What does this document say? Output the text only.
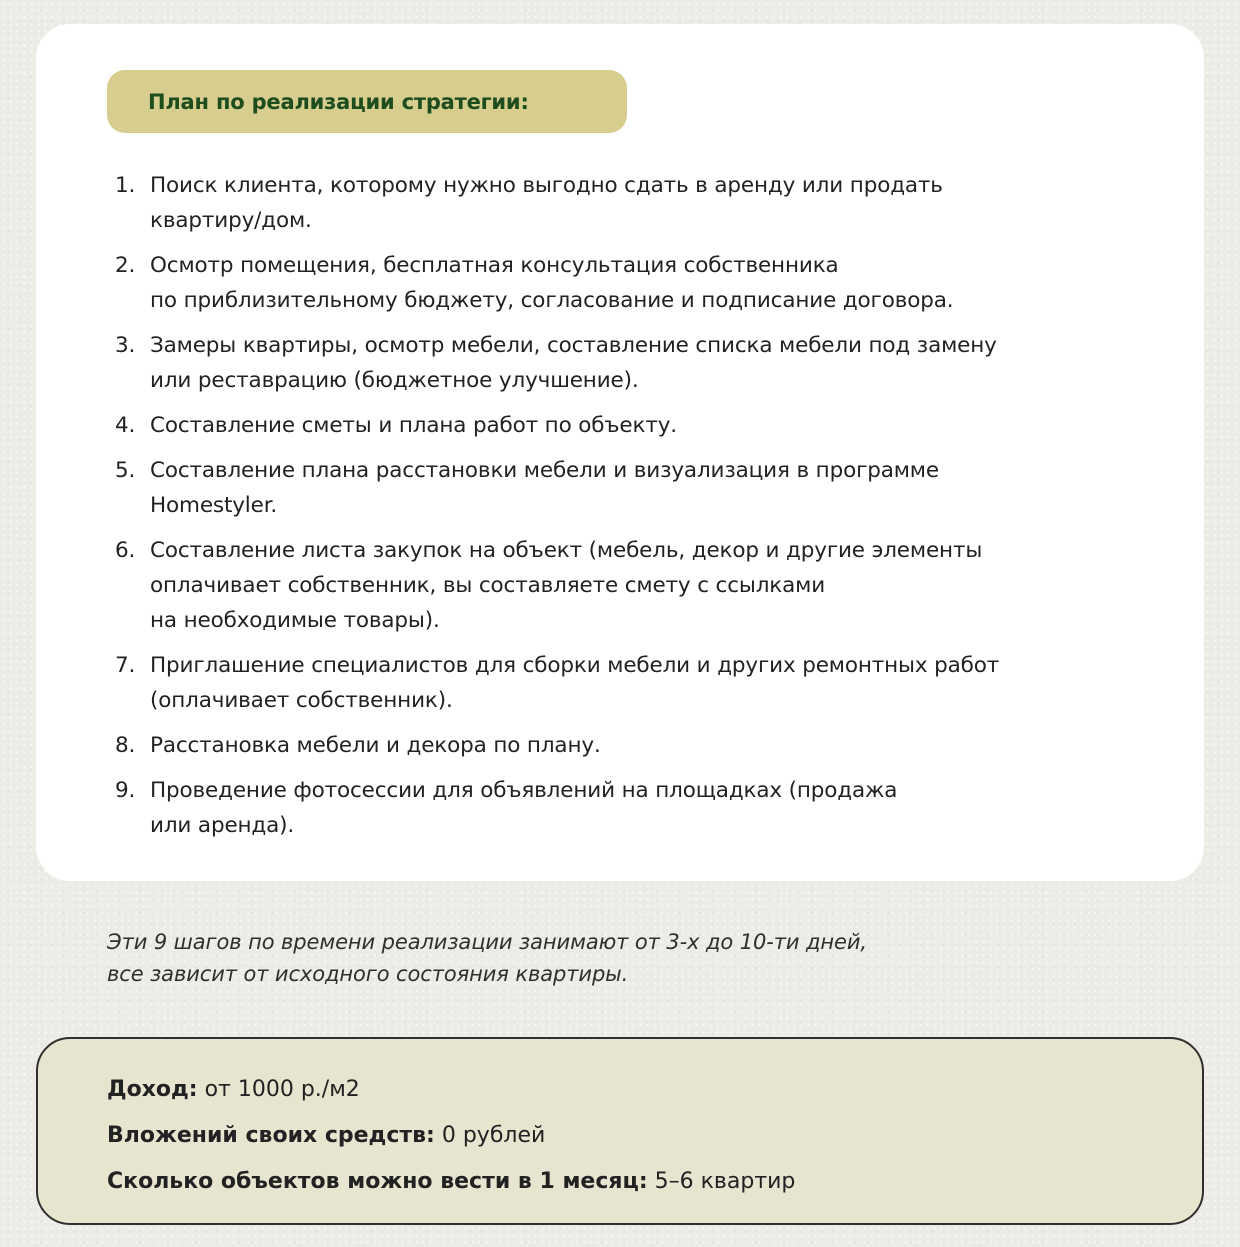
План по реализации стратегии:
1. Поиск клиента, которому нужно выгодно сдать в аренду или продать
квартиру/дом.
2. Осмотр помещения, бесплатная консультация собственника
по приблизительному бюджету, согласование и подписание договора.
3. Замеры квартиры, осмотр мебели, составление списка мебели под замену
или реставрацию (бюджетное улучшение).
4. Составление сметы и плана работ по объекту.
5. Составление плана расстановки мебели и визуализация в программе
Homestyler.
6. Составление листа закупок на объект (мебель, декор и другие элементы
оплачивает собственник, вы составляете смету с ссылками
на необходимые товары).
7. Приглашение специалистов для сборки мебели и других ремонтных работ
(оплачивает собственник).
8. Расстановка мебели и декора по плану.
9. Проведение фотосессии для объявлений на площадках (продажа
или аренда).

Эти 9 шагов по времени реализации занимают от 3-х до 10-ти дней,

все зависит от исходного состояния квартиры.

Доход: от 1000 р./м2
Вложений своих средств: 0 рублей
Сколько объектов можно вести в 1 месяц: 5–6 квартир
